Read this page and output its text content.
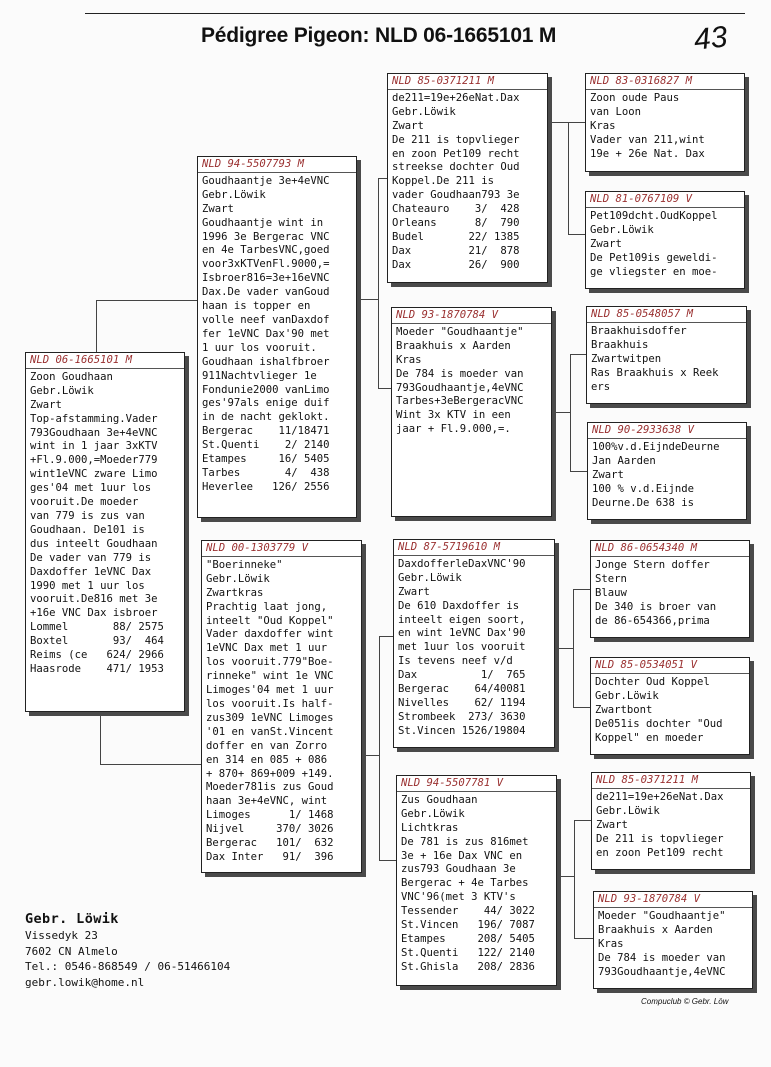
Pédigree Pigeon: NLD 06-1665101 M	43
NLD 06-1665101 M
Zoon Goudhaan
Gebr.Löwik
Zwart
Top-afstamming.Vader
793Goudhaan 3e+4eVNC
wint in 1 jaar 3xKTV
+Fl.9.000,=Moeder779
wint1eVNC zware Limo
ges'04 met 1uur los
vooruit.De moeder
van 779 is zus van
Goudhaan. De101 is
dus inteelt Goudhaan
De vader van 779 is
Daxdoffer 1eVNC Dax
1990 met 1 uur los
vooruit.De816 met 3e
+16e VNC Dax isbroer
Lommel       88/ 2575
Boxtel       93/  464
Reims (ce   624/ 2966
Haasrode    471/ 1953
NLD 94-5507793 M
Goudhaantje 3e+4eVNC
Gebr.Löwik
Zwart
Goudhaantje wint in
1996 3e Bergerac VNC
en 4e TarbesVNC,goed
voor3xKTVenFl.9000,=
Isbroer816=3e+16eVNC
Dax.De vader vanGoud
haan is topper en
volle neef vanDaxdof
fer 1eVNC Dax'90 met
1 uur los vooruit.
Goudhaan ishalfbroer
911Nachtvlieger 1e
Fondunie2000 vanLimo
ges'97als enige duif
in de nacht geklokt.
Bergerac    11/18471
St.Quenti    2/ 2140
Etampes     16/ 5405
Tarbes       4/  438
Heverlee   126/ 2556
NLD 00-1303779 V
"Boerinneke"
Gebr.Löwik
Zwartkras
Prachtig laat jong,
inteelt "Oud Koppel"
Vader daxdoffer wint
1eVNC Dax met 1 uur
los vooruit.779"Boe-
rinneke" wint 1e VNC
Limoges'04 met 1 uur
los vooruit.Is half-
zus309 1eVNC Limoges
'01 en vanSt.Vincent
doffer en van Zorro
en 314 en 085 + 086
+ 870+ 869+009 +149.
Moeder781is zus Goud
haan 3e+4eVNC, wint
Limoges      1/ 1468
Nijvel     370/ 3026
Bergerac   101/  632
Dax Inter   91/  396
NLD 85-0371211 M
de211=19e+26eNat.Dax
Gebr.Löwik
Zwart
De 211 is topvlieger
en zoon Pet109 recht
streekse dochter Oud
Koppel.De 211 is
vader Goudhaan793 3e
Chateauro    3/  428
Orleans      8/  790
Budel       22/ 1385
Dax         21/  878
Dax         26/  900
NLD 93-1870784 V
Moeder "Goudhaantje"
Braakhuis x Aarden
Kras
De 784 is moeder van
793Goudhaantje,4eVNC
Tarbes+3eBergeracVNC
Wint 3x KTV in een
jaar + Fl.9.000,=.
NLD 87-5719610 M
DaxdofferleDaxVNC'90
Gebr.Löwik
Zwart
De 610 Daxdoffer is
inteelt eigen soort,
en wint 1eVNC Dax'90
met 1uur los vooruit
Is tevens neef v/d
Dax          1/  765
Bergerac    64/40081
Nivelles    62/ 1194
Strombeek  273/ 3630
St.Vincen 1526/19804
NLD 94-5507781 V
Zus Goudhaan
Gebr.Löwik
Lichtkras
De 781 is zus 816met
3e + 16e Dax VNC en
zus793 Goudhaan 3e
Bergerac + 4e Tarbes
VNC'96(met 3 KTV's
Tessender    44/ 3022
St.Vincen   196/ 7087
Etampes     208/ 5405
St.Quenti   122/ 2140
St.Ghisla   208/ 2836
NLD 83-0316827 M
Zoon oude Paus
van Loon
Kras
Vader van 211,wint
19e + 26e Nat. Dax
NLD 81-0767109 V
Pet109dcht.OudKoppel
Gebr.Löwik
Zwart
De Pet109is geweldi-
ge vliegster en moe-
NLD 85-0548057 M
Braakhuisdoffer
Braakhuis
Zwartwitpen
Ras Braakhuis x Reek
ers
NLD 90-2933638 V
100%v.d.EijndeDeurne
Jan Aarden
Zwart
100 % v.d.Eijnde
Deurne.De 638 is
NLD 86-0654340 M
Jonge Stern doffer
Stern
Blauw
De 340 is broer van
de 86-654366,prima
NLD 85-0534051 V
Dochter Oud Koppel
Gebr.Löwik
Zwartbont
De051is dochter "Oud
Koppel" en moeder
NLD 85-0371211 M
de211=19e+26eNat.Dax
Gebr.Löwik
Zwart
De 211 is topvlieger
en zoon Pet109 recht
NLD 93-1870784 V
Moeder "Goudhaantje"
Braakhuis x Aarden
Kras
De 784 is moeder van
793Goudhaantje,4eVNC
Gebr. Löwik
Vissedyk 23
7602 CN Almelo
Tel.: 0546-868549 / 06-51466104
gebr.lowik@home.nl
Compuclub © Gebr. Löw
